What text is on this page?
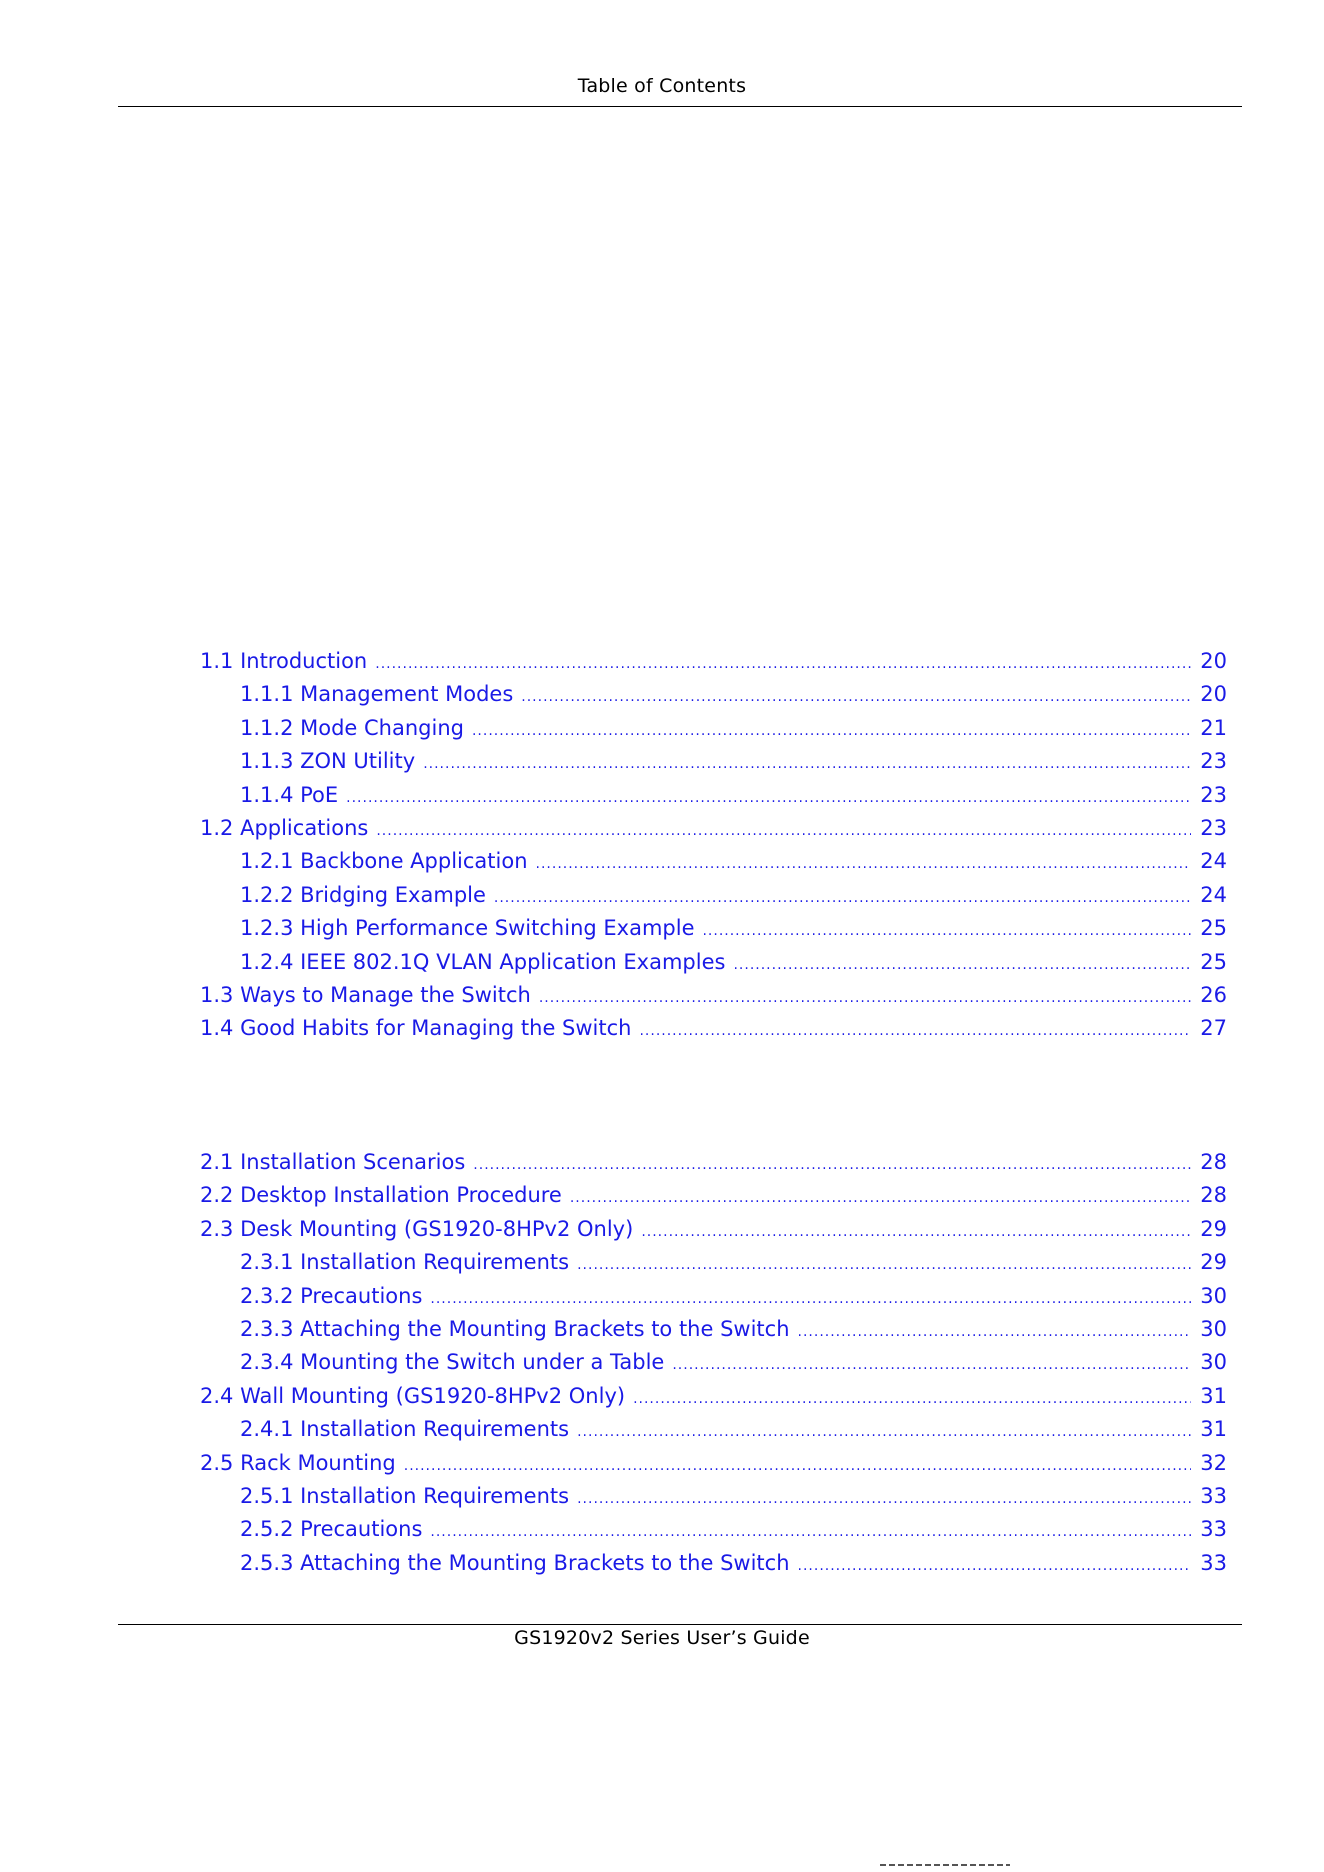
Table of Contents
1.1 Introduction .....	20
1.1.1 Management Modes .....	20
1.1.2 Mode Changing .....	21
1.1.3 ZON Utility .....	23
1.1.4 PoE .....	23
1.2 Applications .....	23
1.2.1 Backbone Application .....	24
1.2.2 Bridging Example .....	24
1.2.3 High Performance Switching Example .....	25
1.2.4 IEEE 802.1Q VLAN Application Examples .....	25
1.3 Ways to Manage the Switch .....	26
1.4 Good Habits for Managing the Switch .....	27
2.1 Installation Scenarios .....	28
2.2 Desktop Installation Procedure .....	28
2.3 Desk Mounting (GS1920-8HPv2 Only) .....	29
2.3.1 Installation Requirements .....	29
2.3.2 Precautions .....	30
2.3.3 Attaching the Mounting Brackets to the Switch .....	30
2.3.4 Mounting the Switch under a Table .....	30
2.4 Wall Mounting (GS1920-8HPv2 Only) .....	31
2.4.1 Installation Requirements .....	31
2.5 Rack Mounting .....	32
2.5.1 Installation Requirements .....	33
2.5.2 Precautions .....	33
2.5.3 Attaching the Mounting Brackets to the Switch .....	33
GS1920v2 Series User’s Guide
